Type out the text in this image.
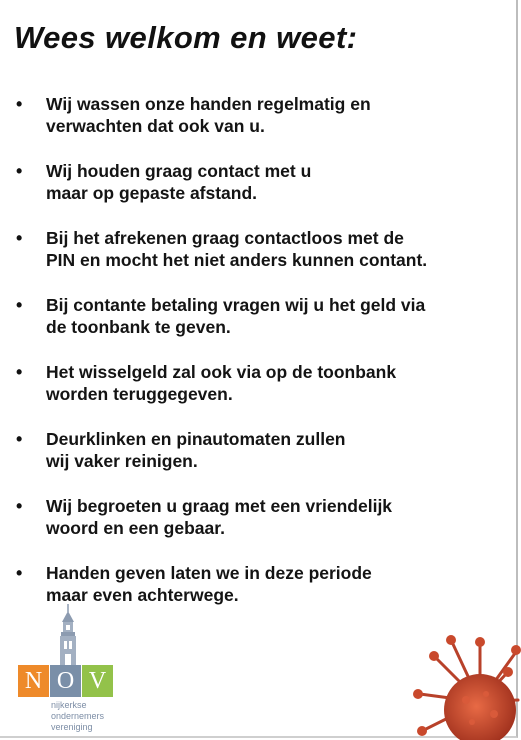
Wees welkom en weet:
• Wij wassen onze handen regelmatig en
verwachten dat ook van u.
• Wij houden graag contact met u
maar op gepaste afstand.
• Bij het afrekenen graag contactloos met de
PIN en mocht het niet anders kunnen contant.
• Bij contante betaling vragen wij u het geld via
de toonbank te geven.
• Het wisselgeld zal ook via op de toonbank
worden teruggegeven.
• Deurklinken en pinautomaten zullen
wij vaker reinigen.
• Wij begroeten u graag met een vriendelijk
woord en een gebaar.
• Handen geven laten we in deze periode
maar even achterwege.
N O V
nijkerkse
ondernemers
vereniging
